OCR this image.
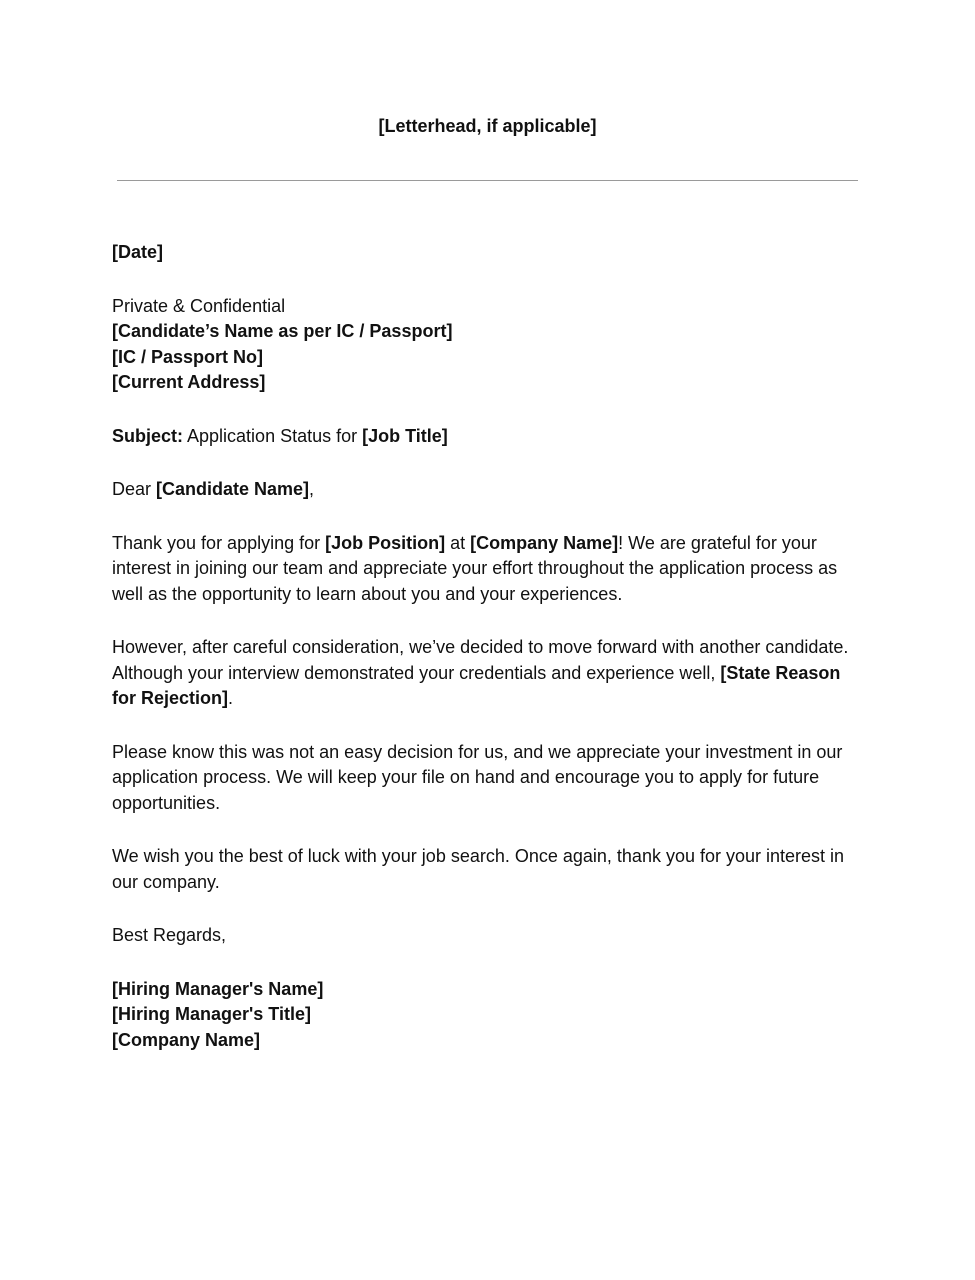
[Letterhead, if applicable]

[Date]

Private & Confidential
[Candidate’s Name as per IC / Passport]
[IC / Passport No]
[Current Address]

Subject: Application Status for [Job Title]

Dear [Candidate Name],

Thank you for applying for [Job Position] at [Company Name]! We are grateful for your interest in joining our team and appreciate your effort throughout the application process as well as the opportunity to learn about you and your experiences.

However, after careful consideration, we’ve decided to move forward with another candidate. Although your interview demonstrated your credentials and experience well, [State Reason for Rejection].

Please know this was not an easy decision for us, and we appreciate your investment in our application process. We will keep your file on hand and encourage you to apply for future opportunities.

We wish you the best of luck with your job search. Once again, thank you for your interest in our company.

Best Regards,

[Hiring Manager's Name]
[Hiring Manager's Title]
[Company Name]
